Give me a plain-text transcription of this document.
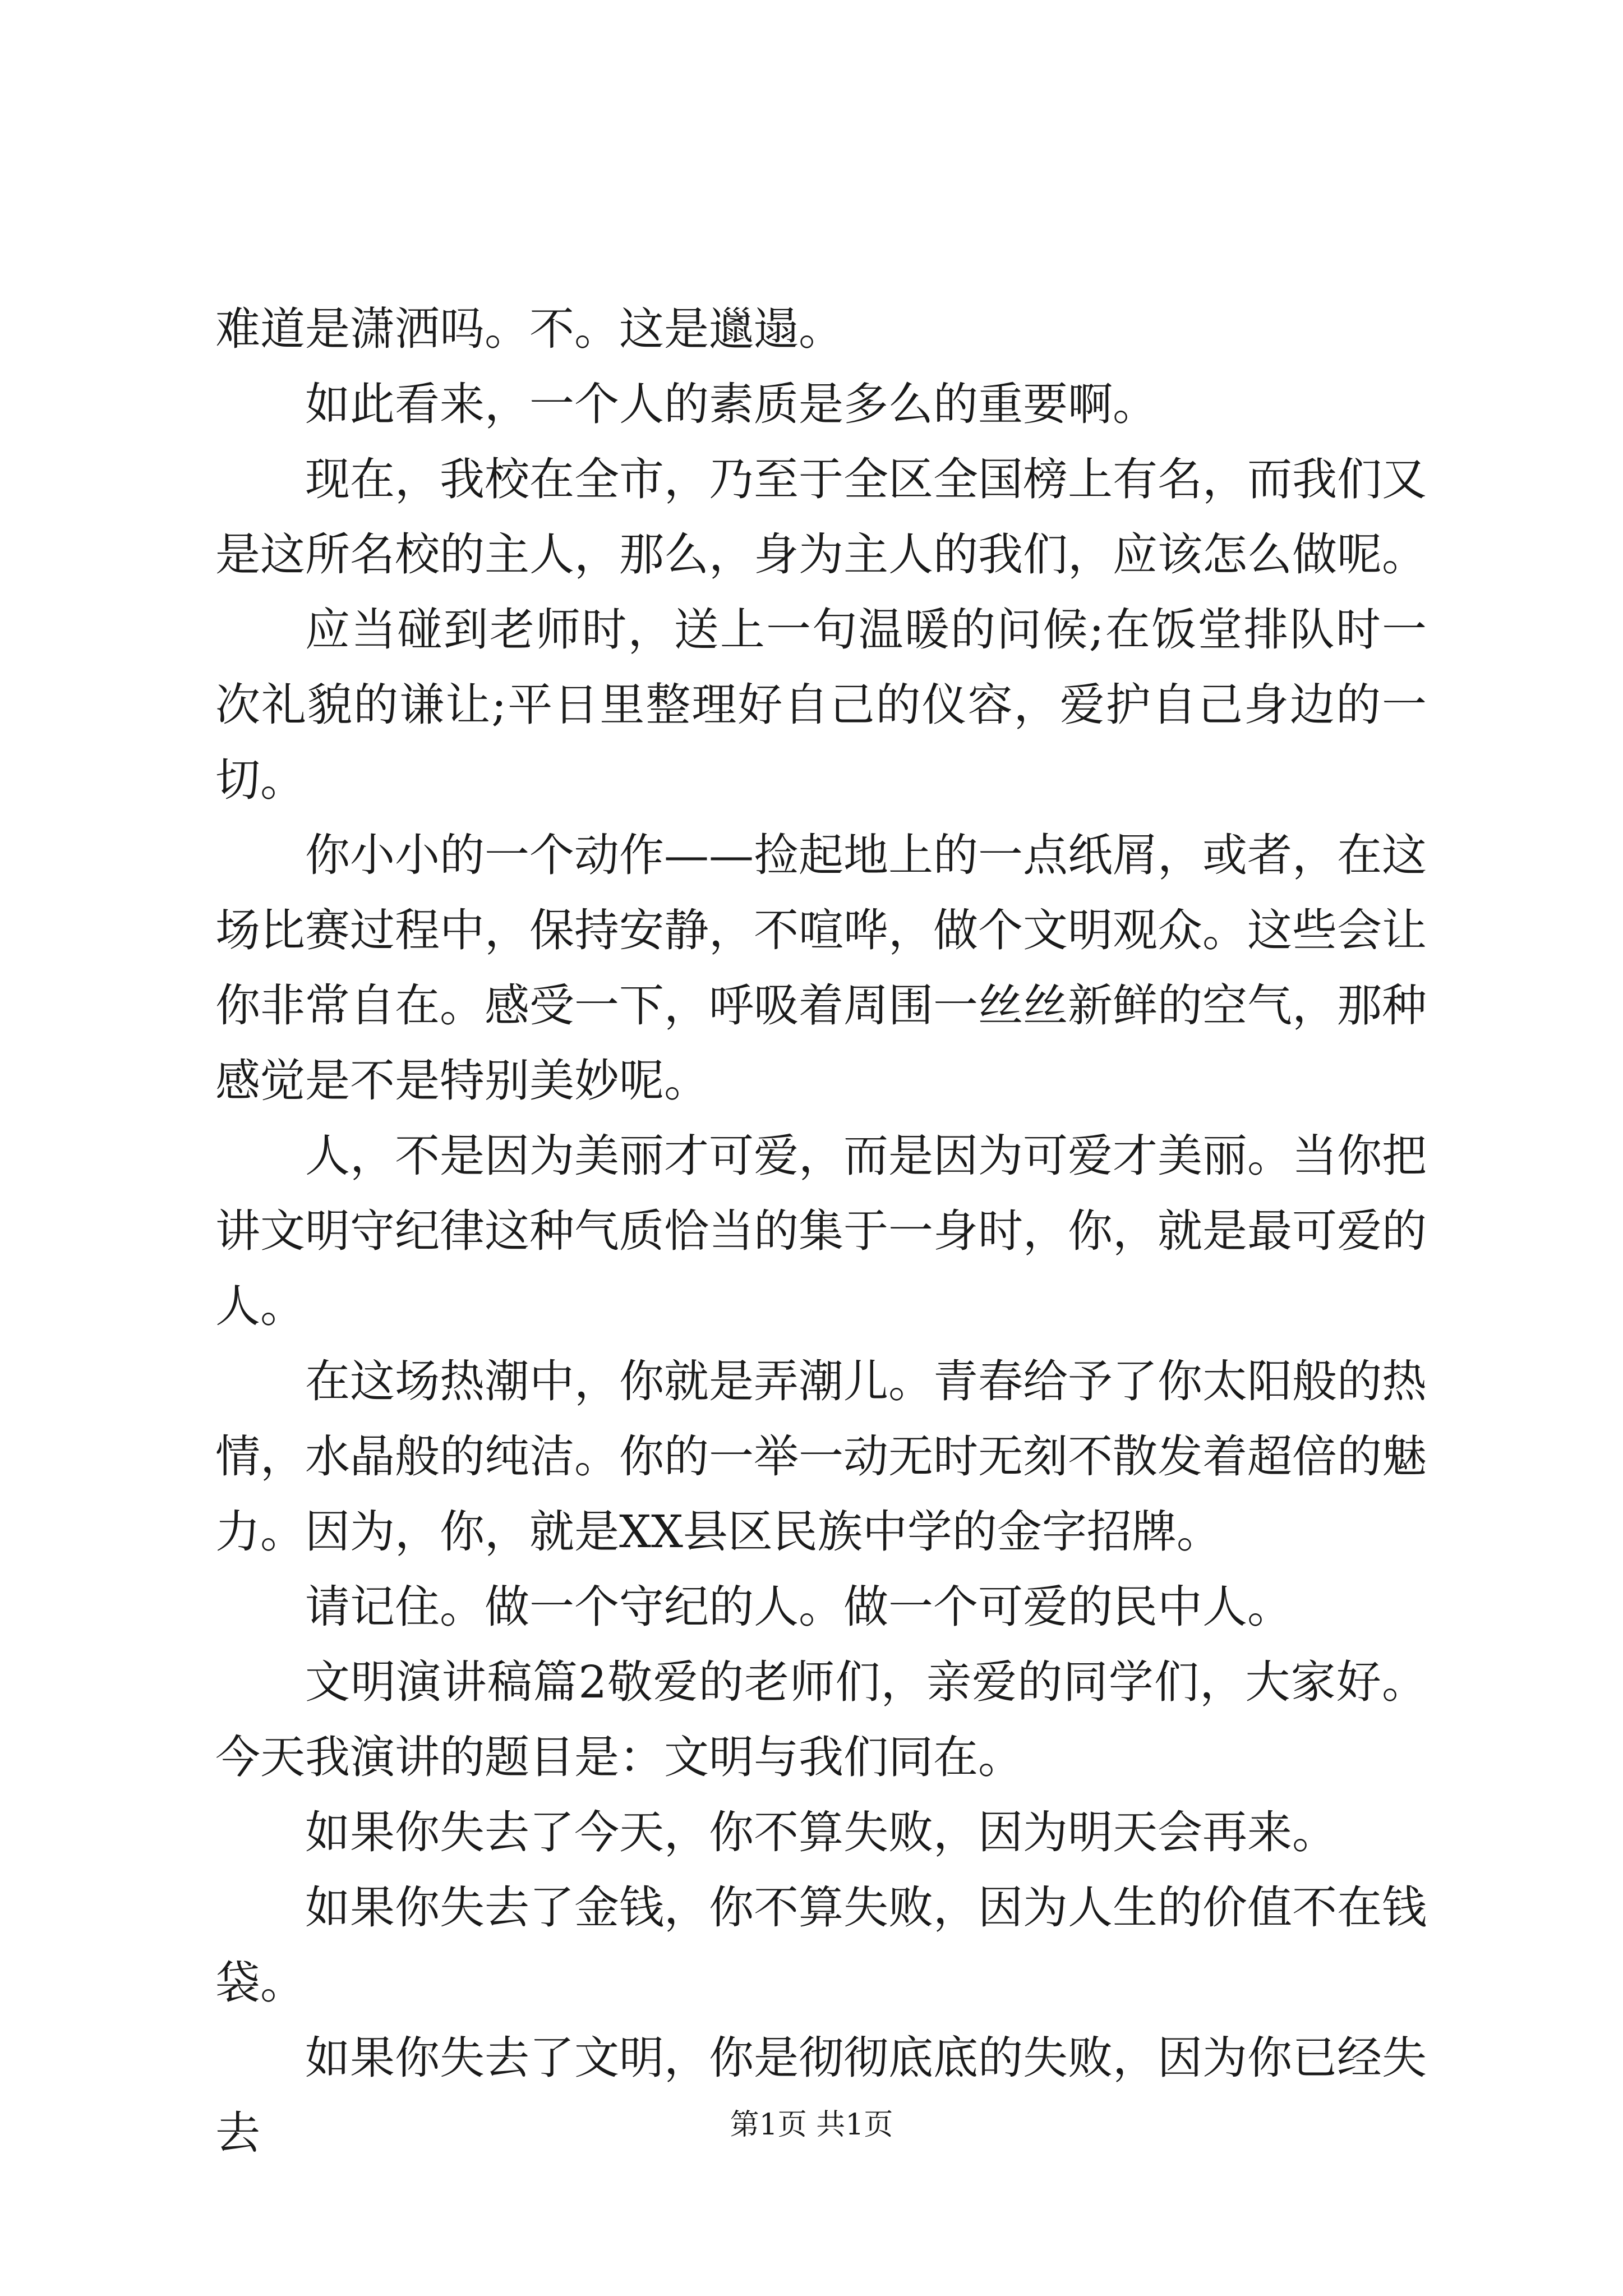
难道是潇洒吗。不。这是邋遢。

如此看来，一个人的素质是多么的重要啊。

现在，我校在全市，乃至于全区全国榜上有名，而我们又是这所名校的主人，那么，身为主人的我们，应该怎么做呢。

应当碰到老师时，送上一句温暖的问候;在饭堂排队时一次礼貌的谦让;平日里整理好自己的仪容，爱护自己身边的一切。

你小小的一个动作——捡起地上的一点纸屑，或者，在这场比赛过程中，保持安静，不喧哗，做个文明观众。这些会让你非常自在。感受一下，呼吸着周围一丝丝新鲜的空气，那种感觉是不是特别美妙呢。

人，不是因为美丽才可爱，而是因为可爱才美丽。当你把讲文明守纪律这种气质恰当的集于一身时，你，就是最可爱的人。

在这场热潮中，你就是弄潮儿。青春给予了你太阳般的热情，水晶般的纯洁。你的一举一动无时无刻不散发着超倍的魅力。因为，你，就是XX县区民族中学的金字招牌。

请记住。做一个守纪的人。做一个可爱的民中人。

文明演讲稿篇2敬爱的老师们，亲爱的同学们，大家好。今天我演讲的题目是：文明与我们同在。

如果你失去了今天，你不算失败，因为明天会再来。

如果你失去了金钱，你不算失败，因为人生的价值不在钱袋。

如果你失去了文明，你是彻彻底底的失败，因为你已经失去	第1页 共1页
